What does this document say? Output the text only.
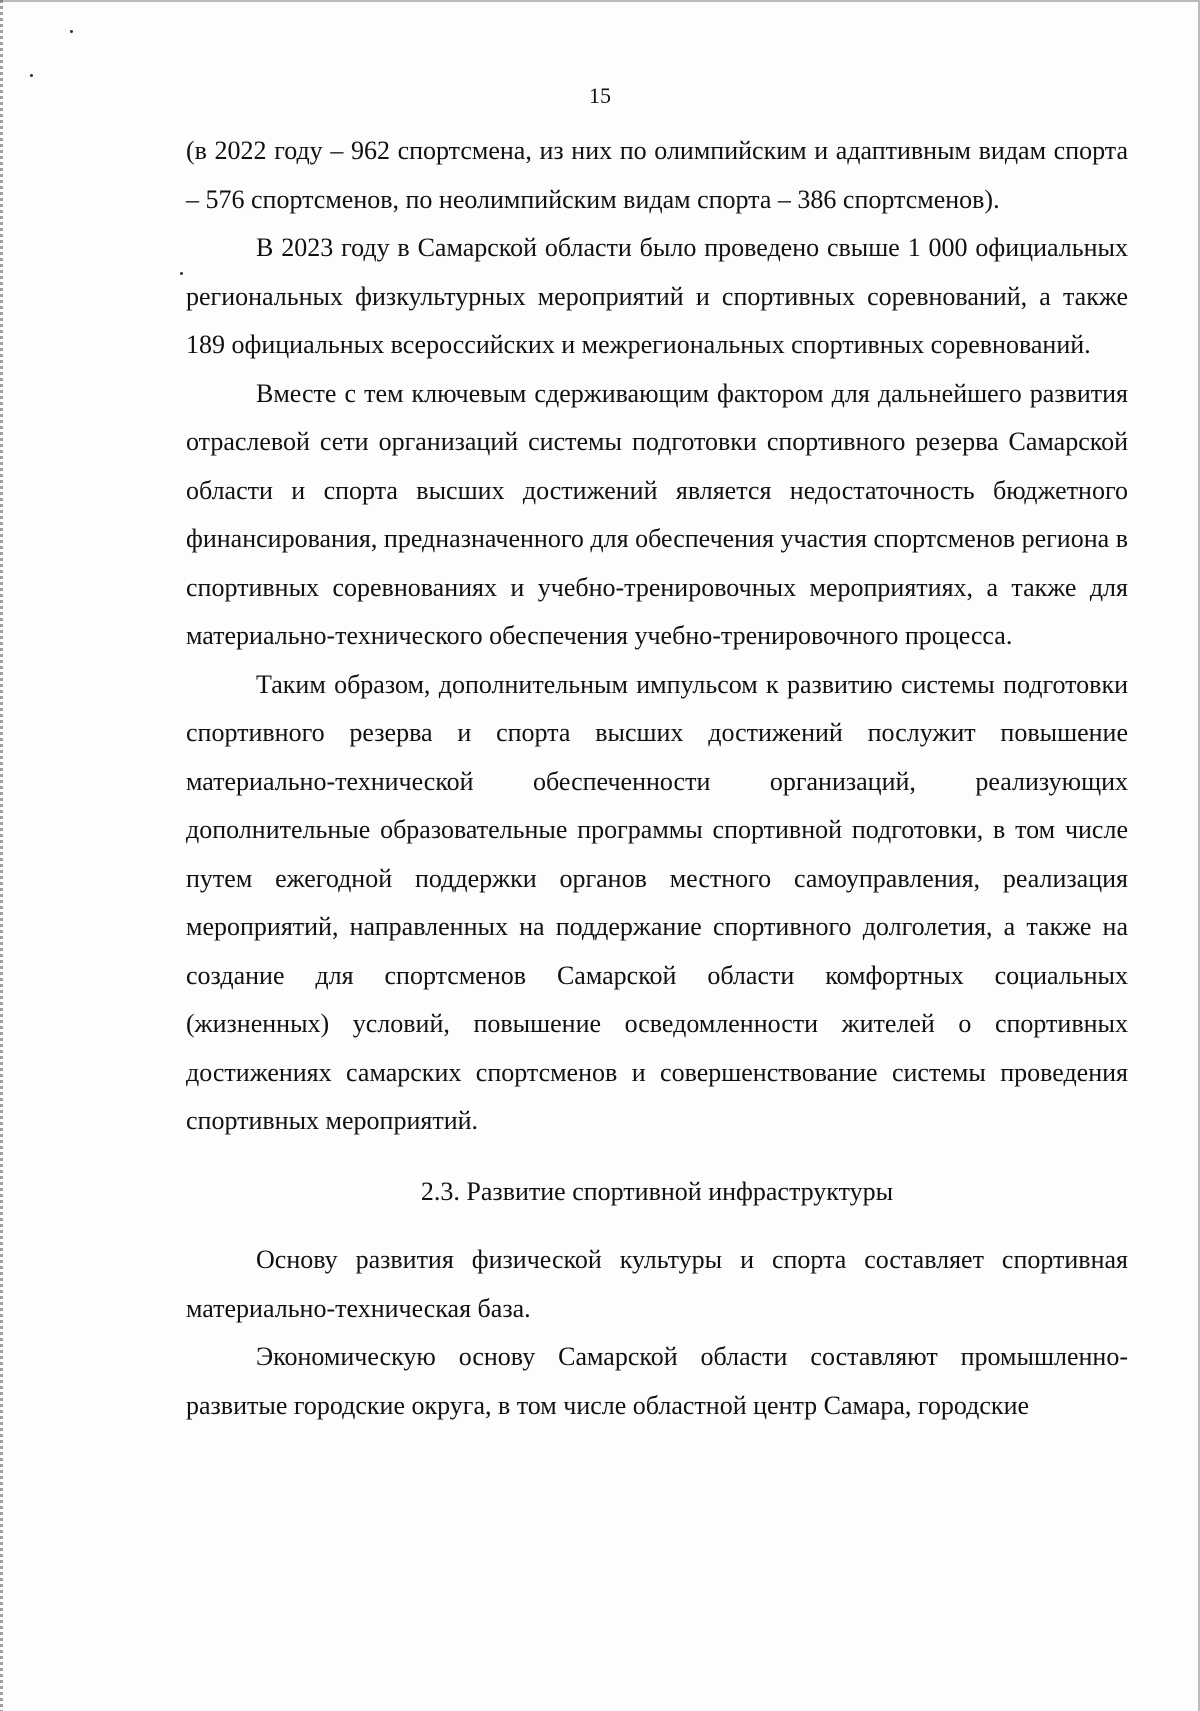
15

(в 2022 году – 962 спортсмена, из них по олимпийским и адаптивным видам спорта – 576 спортсменов, по неолимпийским видам спорта – 386 спортсменов).

В 2023 году в Самарской области было проведено свыше 1 000 официальных региональных физкультурных мероприятий и спортивных соревнований, а также 189 официальных всероссийских и межрегиональных спортивных соревнований.

Вместе с тем ключевым сдерживающим фактором для дальнейшего развития отраслевой сети организаций системы подготовки спортивного резерва Самарской области и спорта высших достижений является недостаточность бюджетного финансирования, предназначенного для обеспечения участия спортсменов региона в спортивных соревнованиях и учебно-тренировочных мероприятиях, а также для материально-технического обеспечения учебно-тренировочного процесса.

Таким образом, дополнительным импульсом к развитию системы подготовки спортивного резерва и спорта высших достижений послужит повышение материально-технической обеспеченности организаций, реализующих дополнительные образовательные программы спортивной подготовки, в том числе путем ежегодной поддержки органов местного самоуправления, реализация мероприятий, направленных на поддержание спортивного долголетия, а также на создание для спортсменов Самарской области комфортных социальных (жизненных) условий, повышение осведомленности жителей о спортивных достижениях самарских спортсменов и совершенствование системы проведения спортивных мероприятий.

2.3. Развитие спортивной инфраструктуры

Основу развития физической культуры и спорта составляет спортивная материально-техническая база.

Экономическую основу Самарской области составляют промышленно-развитые городские округа, в том числе областной центр Самара, городские
